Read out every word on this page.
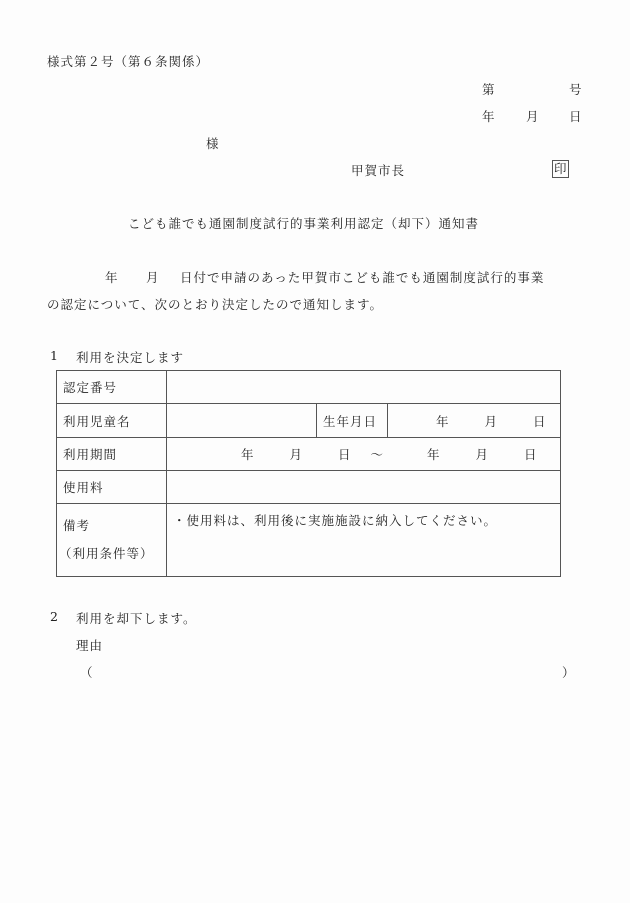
様式第２号（第６条関係）
第	号
年	月 日
様
甲賀市長	印
こども誰でも通園制度試行的事業利用認定（却下）通知書
年 月 日付で申請のあった甲賀市こども誰でも通園制度試行的事業
の認定について、次のとおり決定したので通知します。
1 利用を決定します
認定番号			
利用児童名		生年月日	年 月 日
利用期間	年 月 日 ～ 年 月 日		
使用料			

備考
（利用条件等）	・使用料は、利用後に実施施設に納入してください。		
2 利用を却下します。
理由
（	）
